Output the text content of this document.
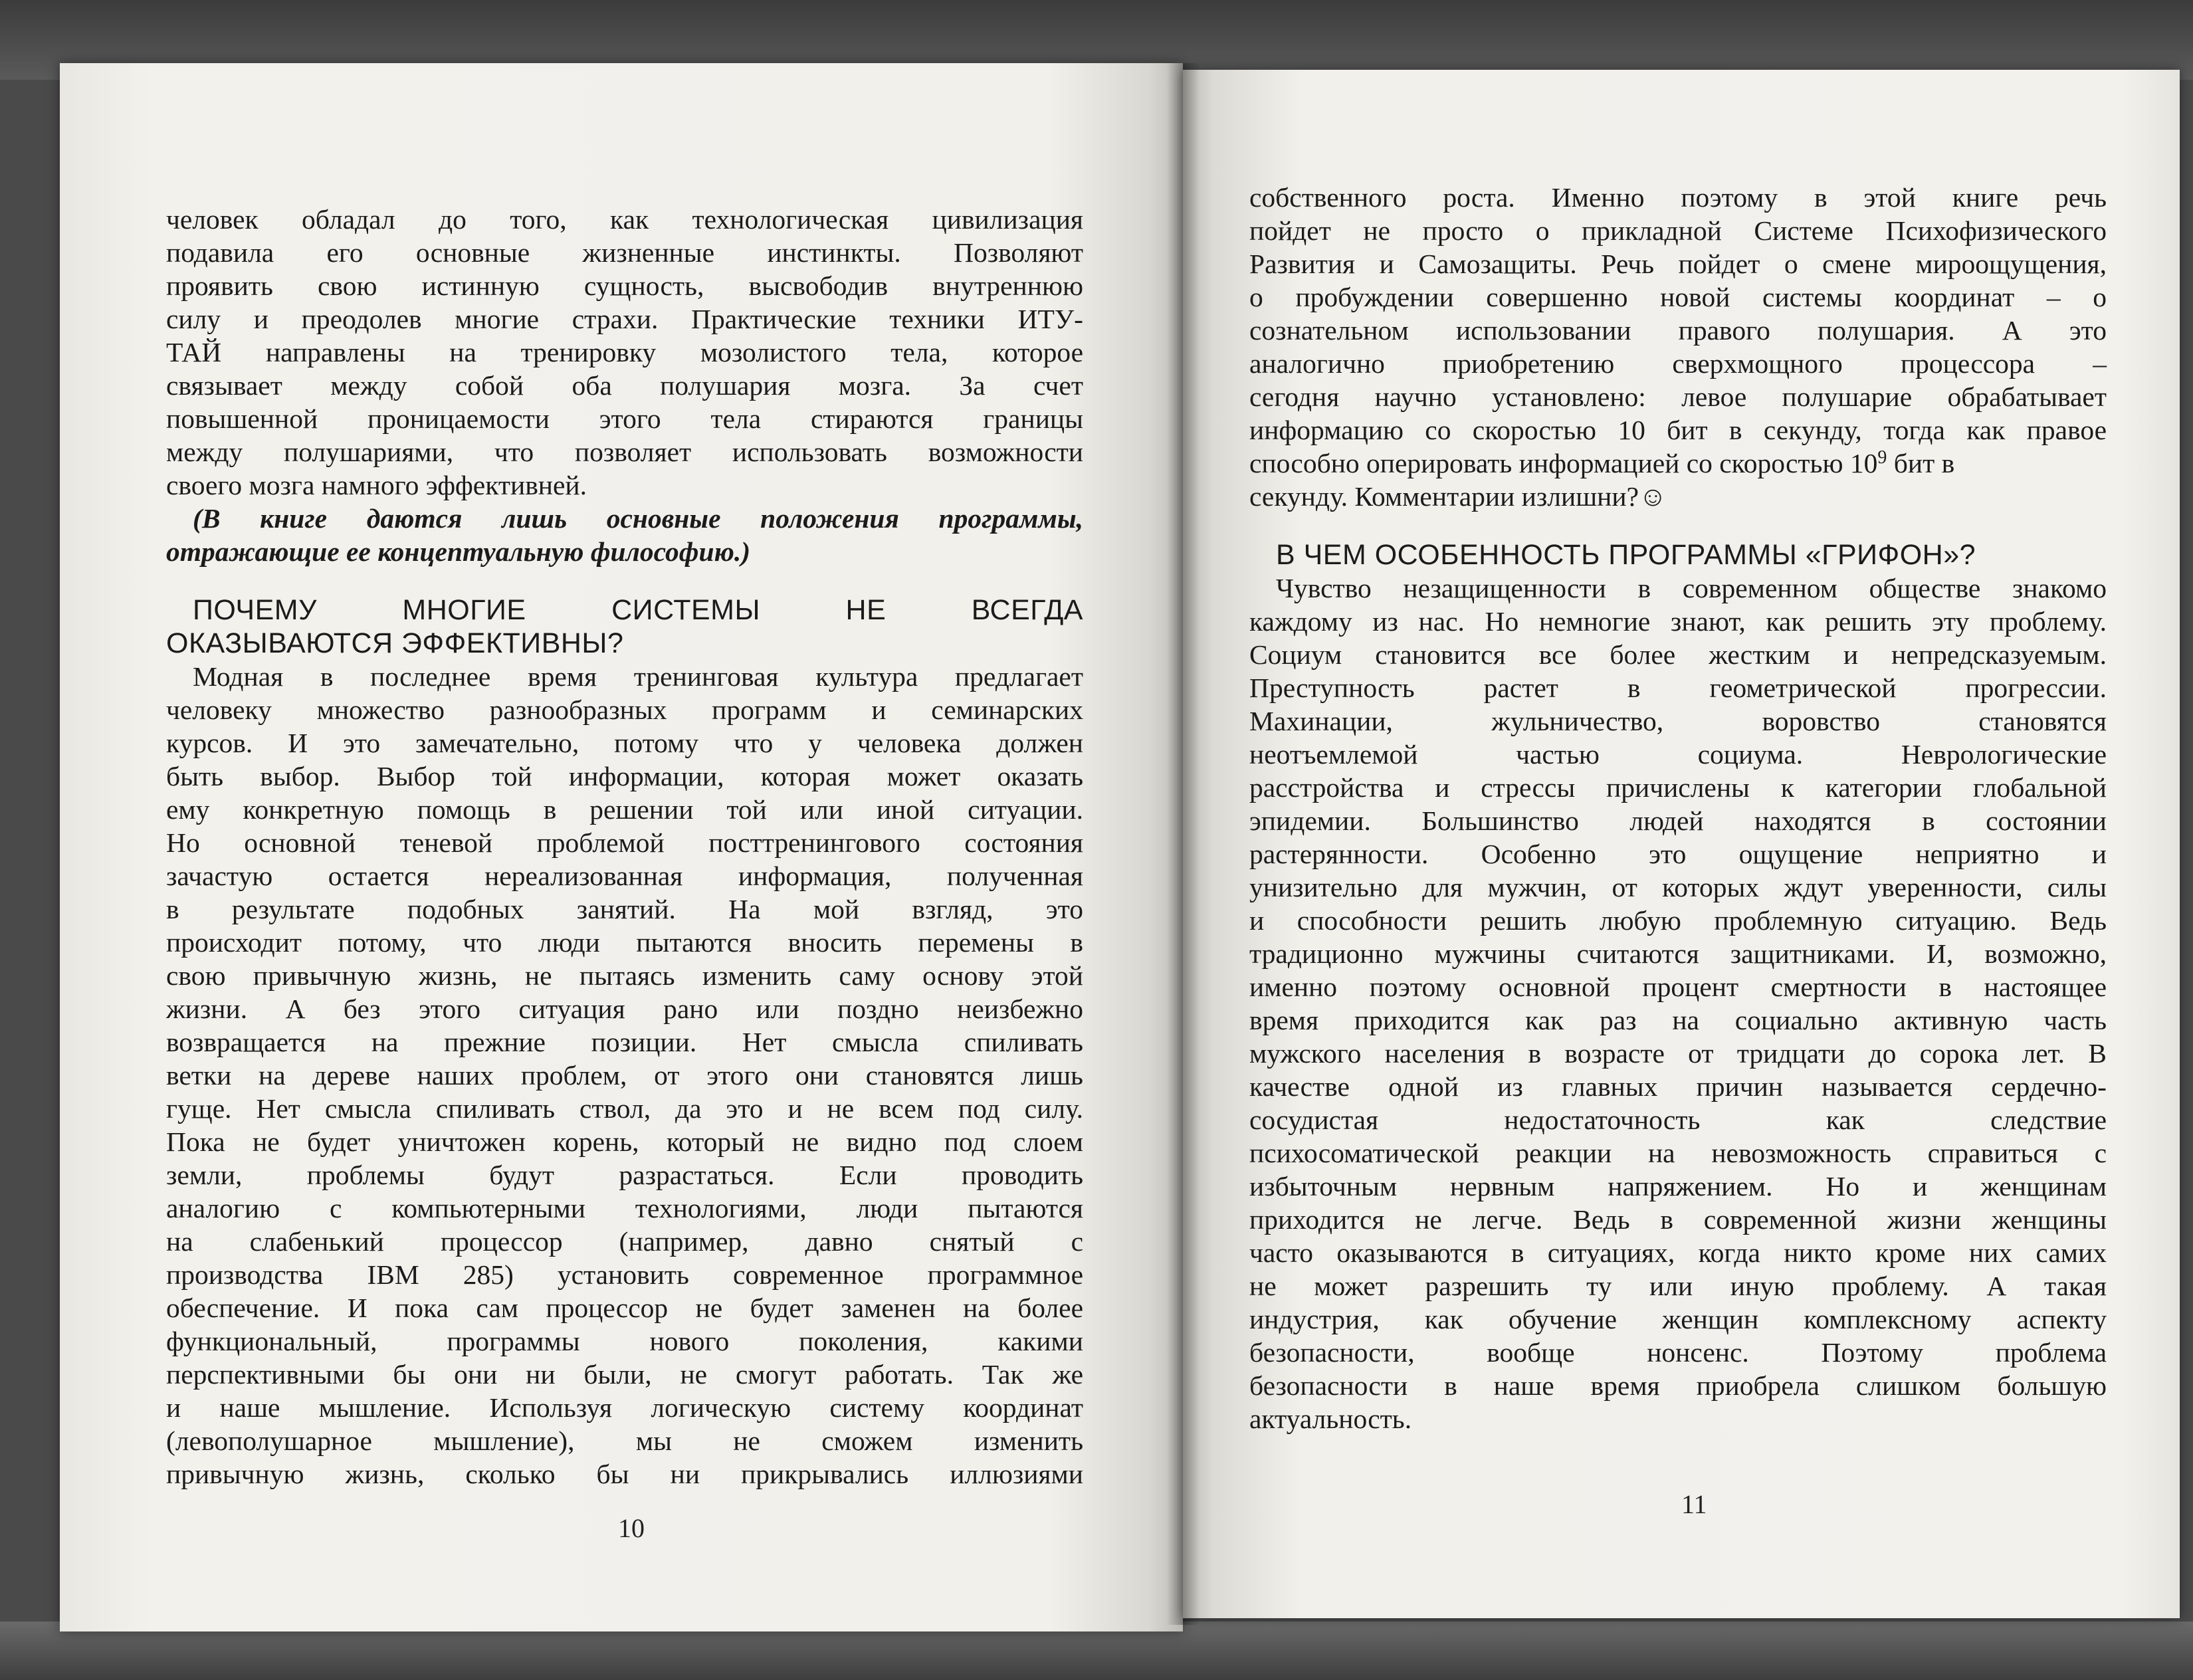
человек обладал до того, как технологическая цивилизация
подавила его основные жизненные инстинкты. Позволяют
проявить свою истинную сущность, высвободив внутреннюю
силу и преодолев многие страхи. Практические техники ИТУ-
ТАЙ направлены на тренировку мозолистого тела, которое
связывает между собой оба полушария мозга. За счет
повышенной проницаемости этого тела стираются границы
между полушариями, что позволяет использовать возможности
своего мозга намного эффективней.
(В книге даются лишь основные положения программы,
отражающие ее концептуальную философию.)
ПОЧЕМУ МНОГИЕ СИСТЕМЫ НЕ ВСЕГДА
ОКАЗЫВАЮТСЯ ЭФФЕКТИВНЫ?
Модная в последнее время тренинговая культура предлагает
человеку множество разнообразных программ и семинарских
курсов. И это замечательно, потому что у человека должен
быть выбор. Выбор той информации, которая может оказать
ему конкретную помощь в решении той или иной ситуации.
Но основной теневой проблемой посттренингового состояния
зачастую остается нереализованная информация, полученная
в результате подобных занятий. На мой взгляд, это
происходит потому, что люди пытаются вносить перемены в
свою привычную жизнь, не пытаясь изменить саму основу этой
жизни. А без этого ситуация рано или поздно неизбежно
возвращается на прежние позиции. Нет смысла спиливать
ветки на дереве наших проблем, от этого они становятся лишь
гуще. Нет смысла спиливать ствол, да это и не всем под силу.
Пока не будет уничтожен корень, который не видно под слоем
земли, проблемы будут разрастаться. Если проводить
аналогию с компьютерными технологиями, люди пытаются
на слабенький процессор (например, давно снятый с
производства IBM 285) установить современное программное
обеспечение. И пока сам процессор не будет заменен на более
функциональный, программы нового поколения, какими
перспективными бы они ни были, не смогут работать. Так же
и наше мышление. Используя логическую систему координат
(левополушарное мышление), мы не сможем изменить
привычную жизнь, сколько бы ни прикрывались иллюзиями
10
собственного роста. Именно поэтому в этой книге речь
пойдет не просто о прикладной Системе Психофизического
Развития и Самозащиты. Речь пойдет о смене мироощущения,
о пробуждении совершенно новой системы координат – о
сознательном использовании правого полушария. А это
аналогично приобретению сверхмощного процессора –
сегодня научно установлено: левое полушарие обрабатывает
информацию со скоростью 10 бит в секунду, тогда как правое
способно оперировать информацией со скоростью $10^9$ бит в
секунду. Комментарии излишни?☺
В ЧЕМ ОСОБЕННОСТЬ ПРОГРАММЫ «ГРИФОН»?
Чувство незащищенности в современном обществе знакомо
каждому из нас. Но немногие знают, как решить эту проблему.
Социум становится все более жестким и непредсказуемым.
Преступность растет в геометрической прогрессии.
Махинации, жульничество, воровство становятся
неотъемлемой частью социума. Неврологические
расстройства и стрессы причислены к категории глобальной
эпидемии. Большинство людей находятся в состоянии
растерянности. Особенно это ощущение неприятно и
унизительно для мужчин, от которых ждут уверенности, силы
и способности решить любую проблемную ситуацию. Ведь
традиционно мужчины считаются защитниками. И, возможно,
именно поэтому основной процент смертности в настоящее
время приходится как раз на социально активную часть
мужского населения в возрасте от тридцати до сорока лет. В
качестве одной из главных причин называется сердечно-
сосудистая недостаточность как следствие
психосоматической реакции на невозможность справиться с
избыточным нервным напряжением. Но и женщинам
приходится не легче. Ведь в современной жизни женщины
часто оказываются в ситуациях, когда никто кроме них самих
не может разрешить ту или иную проблему. А такая
индустрия, как обучение женщин комплексному аспекту
безопасности, вообще нонсенс. Поэтому проблема
безопасности в наше время приобрела слишком большую
актуальность.
11
